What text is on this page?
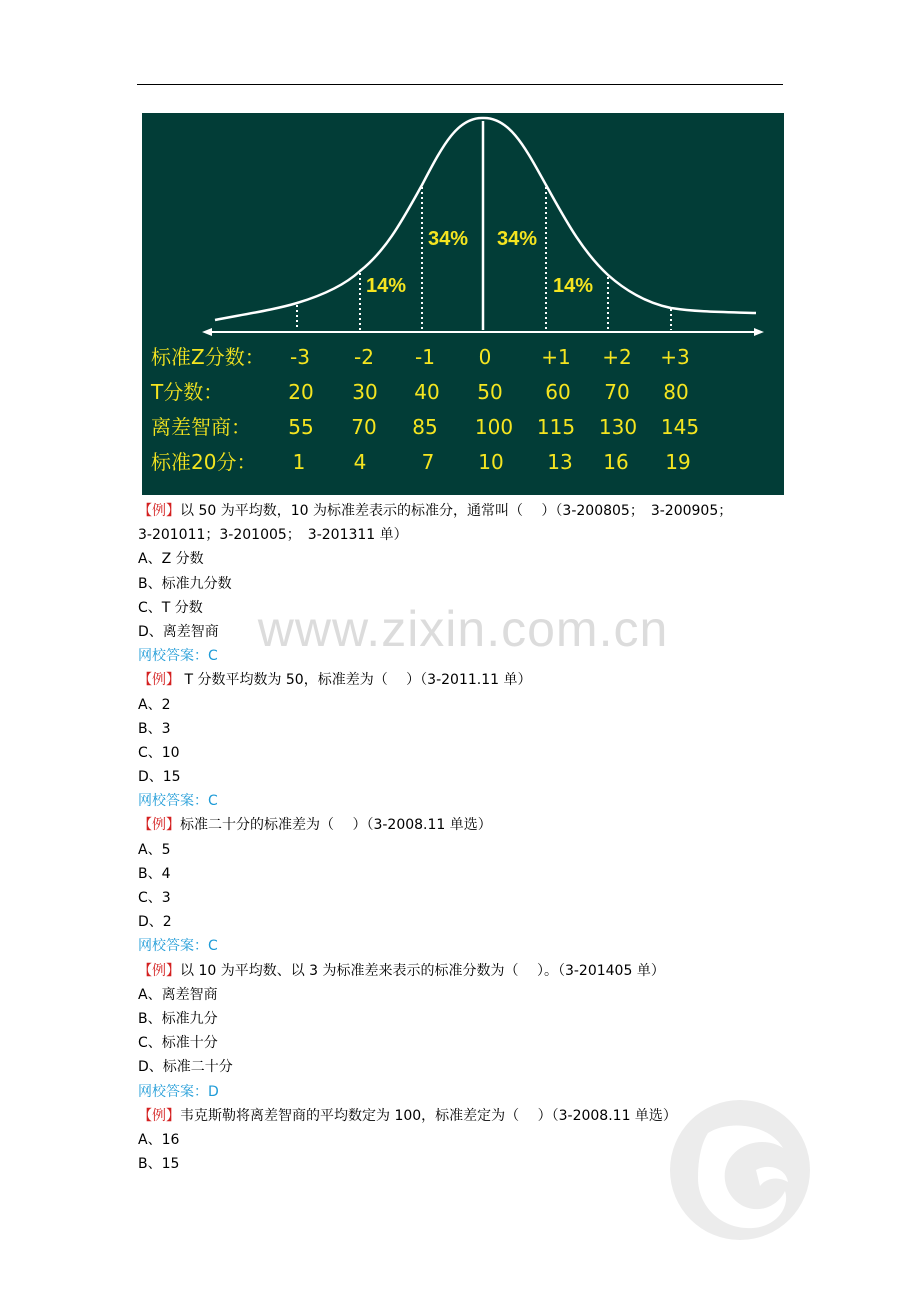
14%
34% 34%
14%
标准Z分数： -3 -2 -1 0 +1 +2 +3
T分数：	20 30 40 50 60 70 80
离差智商： 55 70 85 100 115 130 145
标准20分： 1 4	7 10 13 16 19
www.zixin.com.cn
【例】以 50 为平均数，10 为标准差表示的标准分，通常叫（　 ）（3-200805；　3-200905；
3-201011；3-201005；　3-201311 单）
A、Z 分数
B、标准九分数
C、T 分数
D、离差智商
网校答案：C
【例】 T 分数平均数为 50，标准差为（　 ）（3-2011.11 单）
A、2
B、3
C、10
D、15
网校答案：C
【例】标准二十分的标准差为（　 ）（3-2008.11 单选）
A、5
B、4
C、3
D、2
网校答案：C
【例】以 10 为平均数、以 3 为标准差来表示的标准分数为（　 ）。（3-201405 单）
A、离差智商
B、标准九分
C、标准十分
D、标准二十分
网校答案：D
【例】韦克斯勒将离差智商的平均数定为 100，标准差定为（　 ）（3-2008.11 单选）
A、16
B、15
